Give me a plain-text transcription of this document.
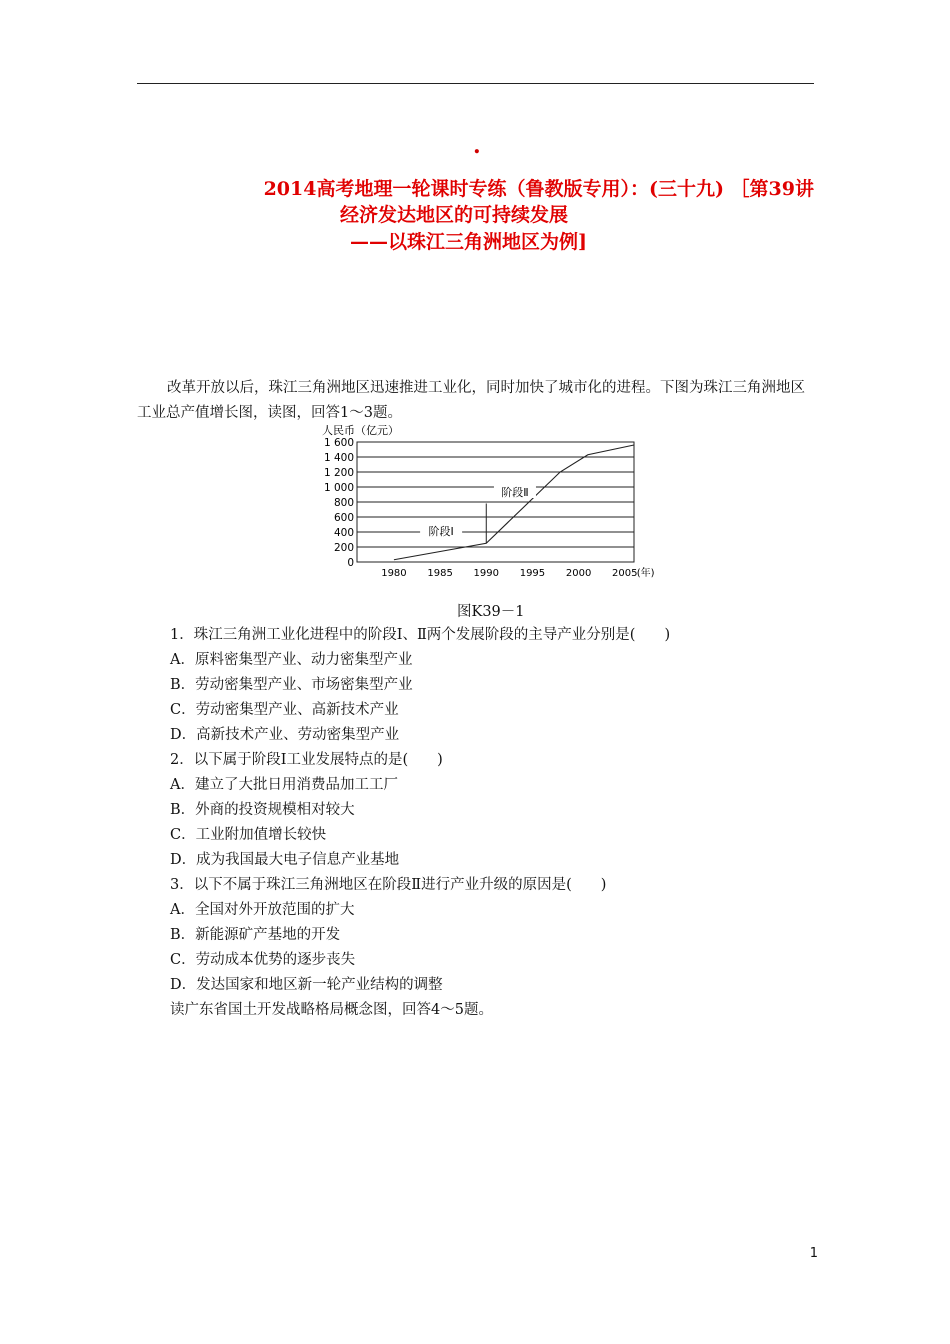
.
2014高考地理一轮课时专练（鲁教版专用）：(三十九) ［第39讲
经济发达地区的可持续发展
——以珠江三角洲地区为例]
改革开放以后，珠江三角洲地区迅速推进工业化，同时加快了城市化的进程。下图为珠江三角洲地区工业总产值增长图，读图，回答1～3题。
0
200
400
600
800
1 000
1 200
1 400
1 600
1980 1985 1990 1995 2000 2005
人民币（亿元）
(年)
阶段Ⅰ
阶段Ⅱ
图K39－1
1．珠江三角洲工业化进程中的阶段Ⅰ、Ⅱ两个发展阶段的主导产业分别是(　　)
A．原料密集型产业、动力密集型产业
B．劳动密集型产业、市场密集型产业
C．劳动密集型产业、高新技术产业
D．高新技术产业、劳动密集型产业
2．以下属于阶段Ⅰ工业发展特点的是(　　)
A．建立了大批日用消费品加工工厂
B．外商的投资规模相对较大
C．工业附加值增长较快
D．成为我国最大电子信息产业基地
3．以下不属于珠江三角洲地区在阶段Ⅱ进行产业升级的原因是(　　)
A．全国对外开放范围的扩大
B．新能源矿产基地的开发
C．劳动成本优势的逐步丧失
D．发达国家和地区新一轮产业结构的调整
读广东省国土开发战略格局概念图，回答4～5题。
1
